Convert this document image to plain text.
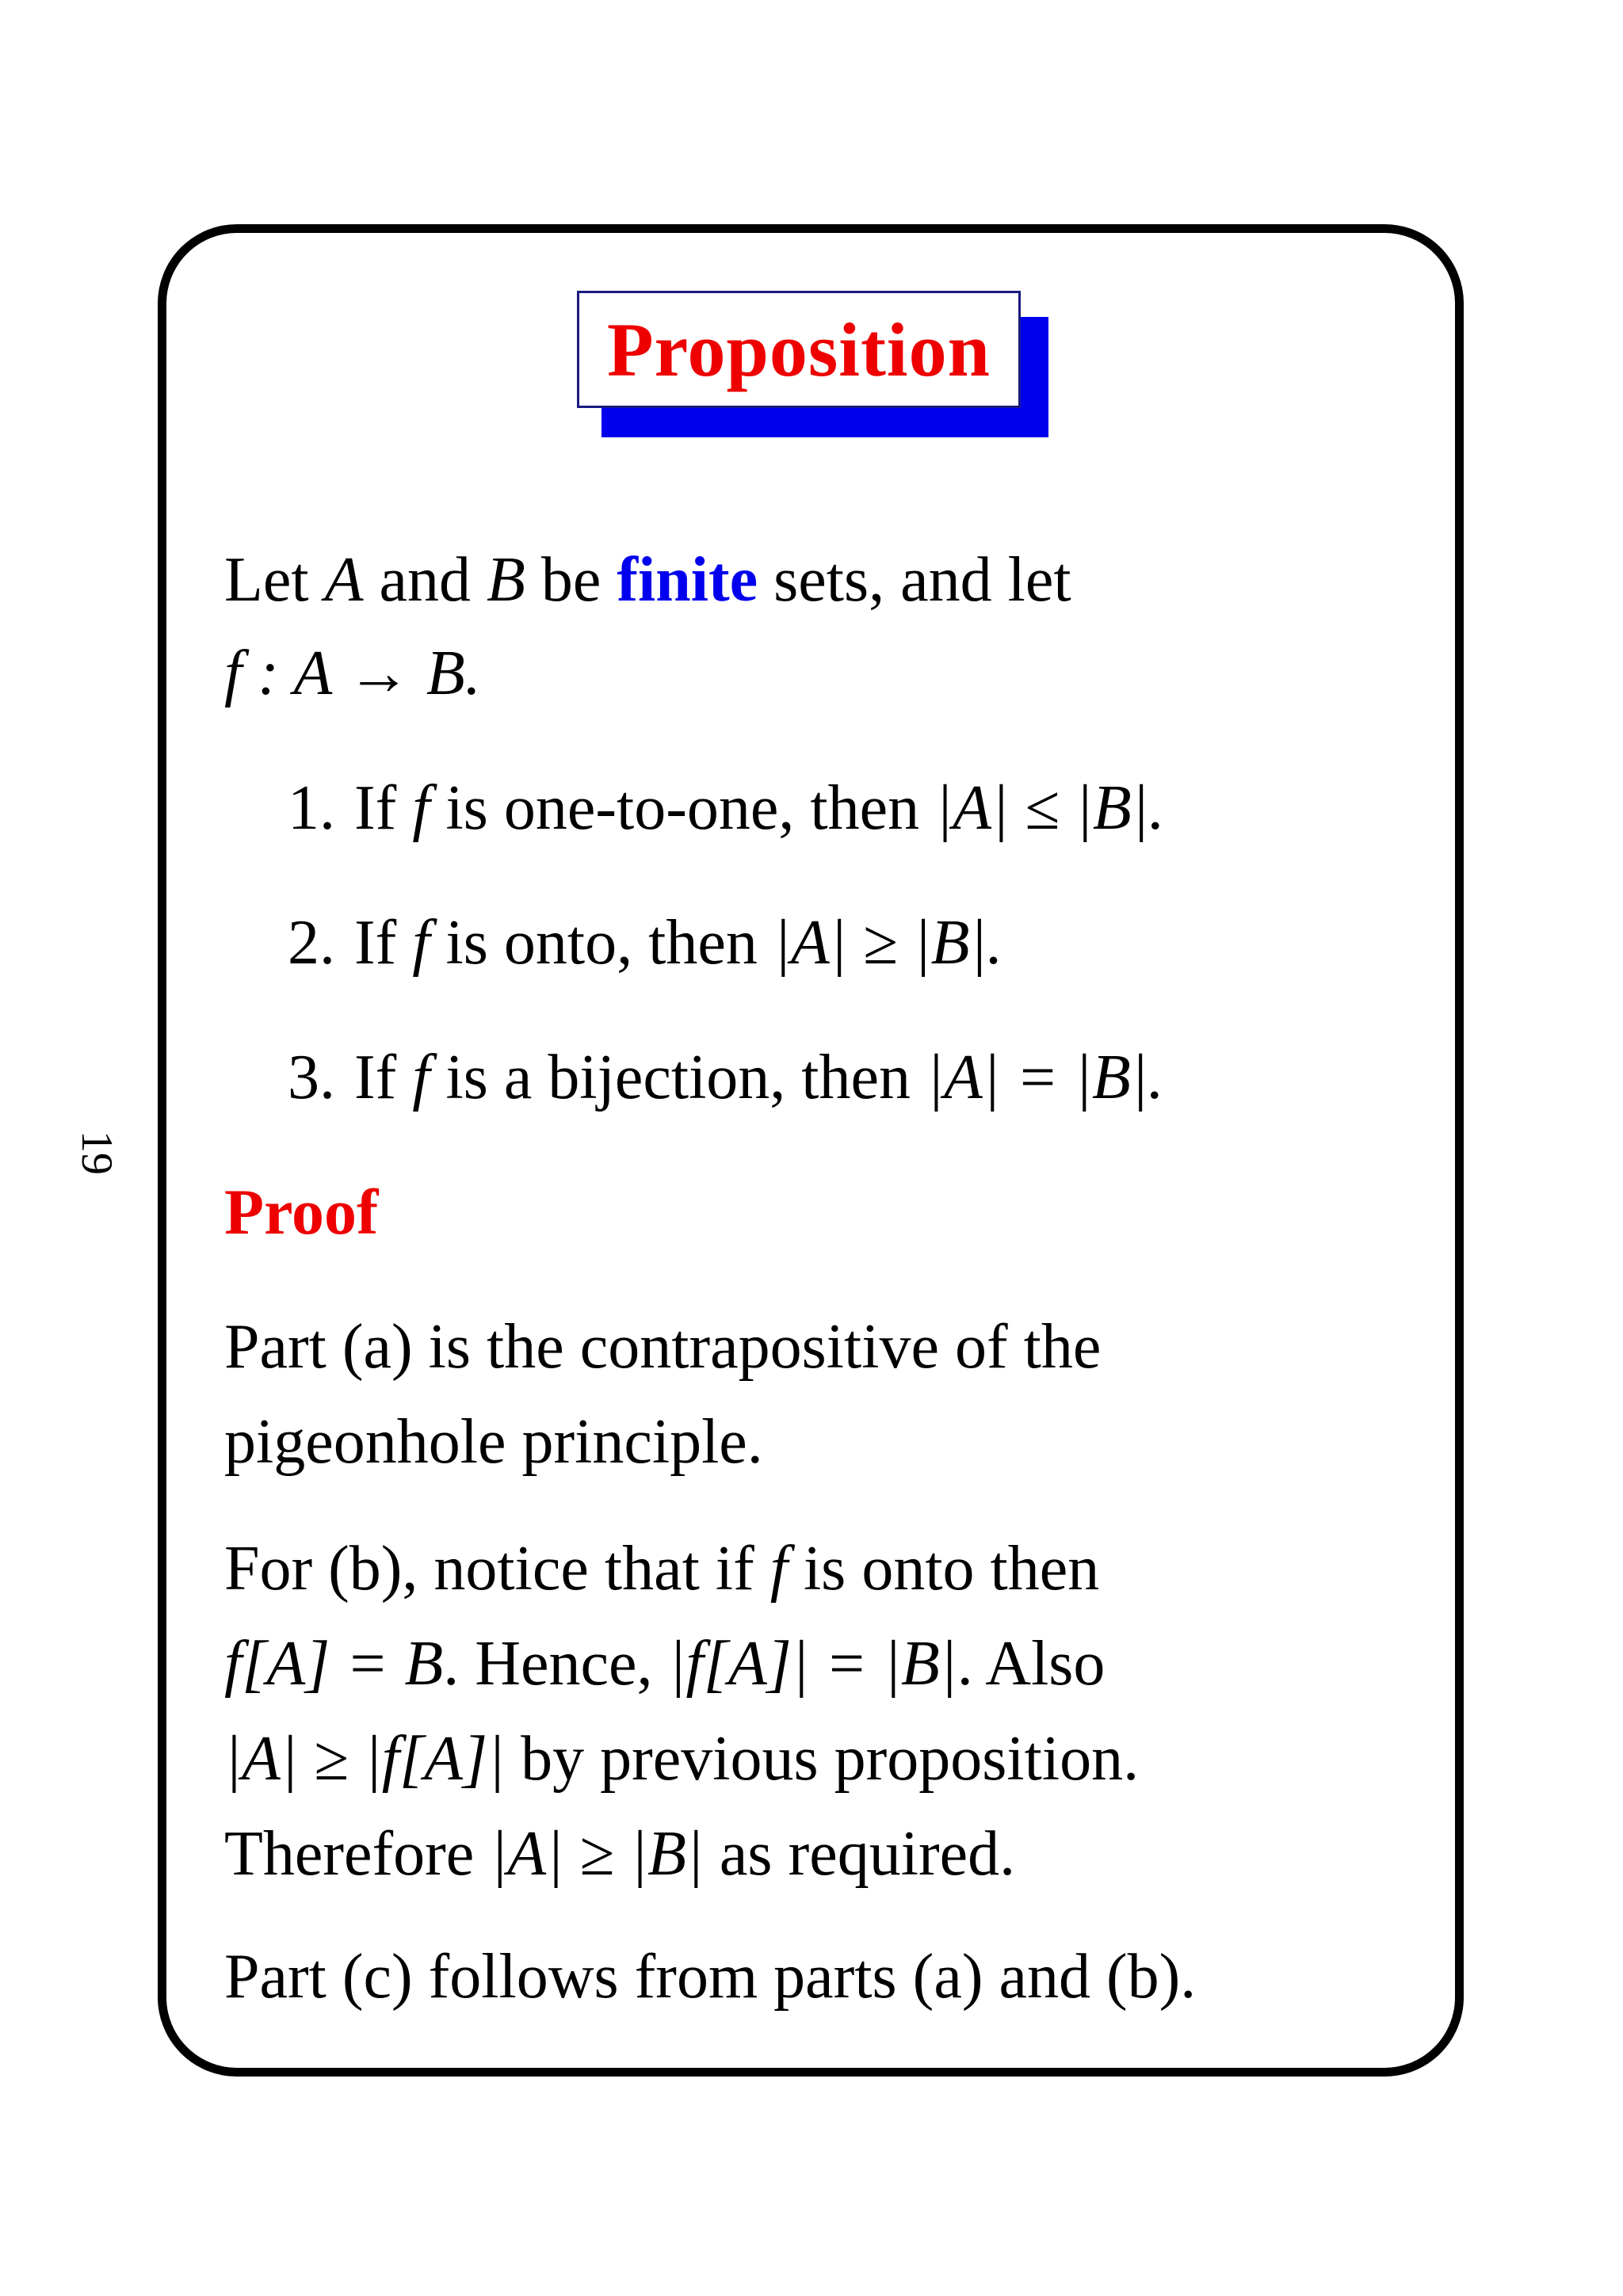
19
Proposition
Let A and B be finite sets, and let
f : A → B.
1. If f is one-to-one, then |A| ≤ |B|.
2. If f is onto, then |A| ≥ |B|.
3. If f is a bijection, then |A| = |B|.
Proof
Part (a) is the contrapositive of the
pigeonhole principle.
For (b), notice that if f is onto then
f[A] = B. Hence, |f[A]| = |B|. Also
|A| ≥ |f[A]| by previous proposition.
Therefore |A| ≥ |B| as required.
Part (c) follows from parts (a) and (b).
